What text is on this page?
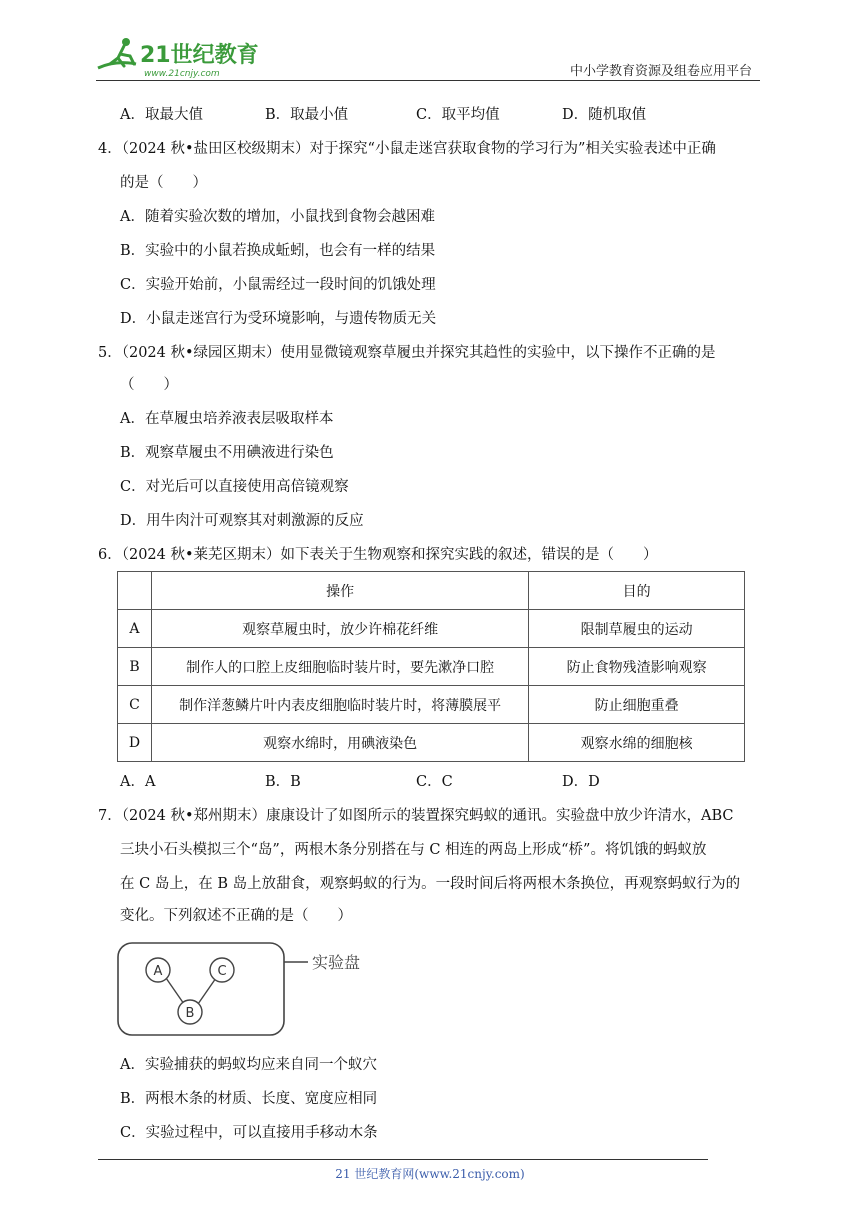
21世纪教育
www.21cnjy.com	中小学教育资源及组卷应用平台
A．取最大值	B．取最小值	C．取平均值	D．随机取值
4．（2024 秋•盐田区校级期末）对于探究“小鼠走迷宫获取食物的学习行为”相关实验表述中正确
的是（　　）
A．随着实验次数的增加，小鼠找到食物会越困难
B．实验中的小鼠若换成蚯蚓，也会有一样的结果
C．实验开始前，小鼠需经过一段时间的饥饿处理
D．小鼠走迷宫行为受环境影响，与遗传物质无关
5．（2024 秋•绿园区期末）使用显微镜观察草履虫并探究其趋性的实验中，以下操作不正确的是
（　　）
A．在草履虫培养液表层吸取样本
B．观察草履虫不用碘液进行染色
C．对光后可以直接使用高倍镜观察
D．用牛肉汁可观察其对刺激源的反应
6．（2024 秋•莱芜区期末）如下表关于生物观察和探究实践的叙述，错误的是（　　）
	操作	目的
A	观察草履虫时，放少许棉花纤维	限制草履虫的运动
B	制作人的口腔上皮细胞临时装片时，要先漱净口腔	防止食物残渣影响观察
C	制作洋葱鳞片叶内表皮细胞临时装片时，将薄膜展平	防止细胞重叠
D	观察水绵时，用碘液染色	观察水绵的细胞核
A．A	B．B	C．C	D．D
7．（2024 秋•郑州期末）康康设计了如图所示的装置探究蚂蚁的通讯。实验盘中放少许清水，ABC
三块小石头模拟三个“岛”，两根木条分别搭在与 C 相连的两岛上形成“桥”。将饥饿的蚂蚁放
在 C 岛上，在 B 岛上放甜食，观察蚂蚁的行为。一段时间后将两根木条换位，再观察蚂蚁行为的
变化。下列叙述不正确的是（　　）
实验盘
A	C
B
A．实验捕获的蚂蚁均应来自同一个蚁穴
B．两根木条的材质、长度、宽度应相同
C．实验过程中，可以直接用手移动木条
21 世纪教育网(www.21cnjy.com)
